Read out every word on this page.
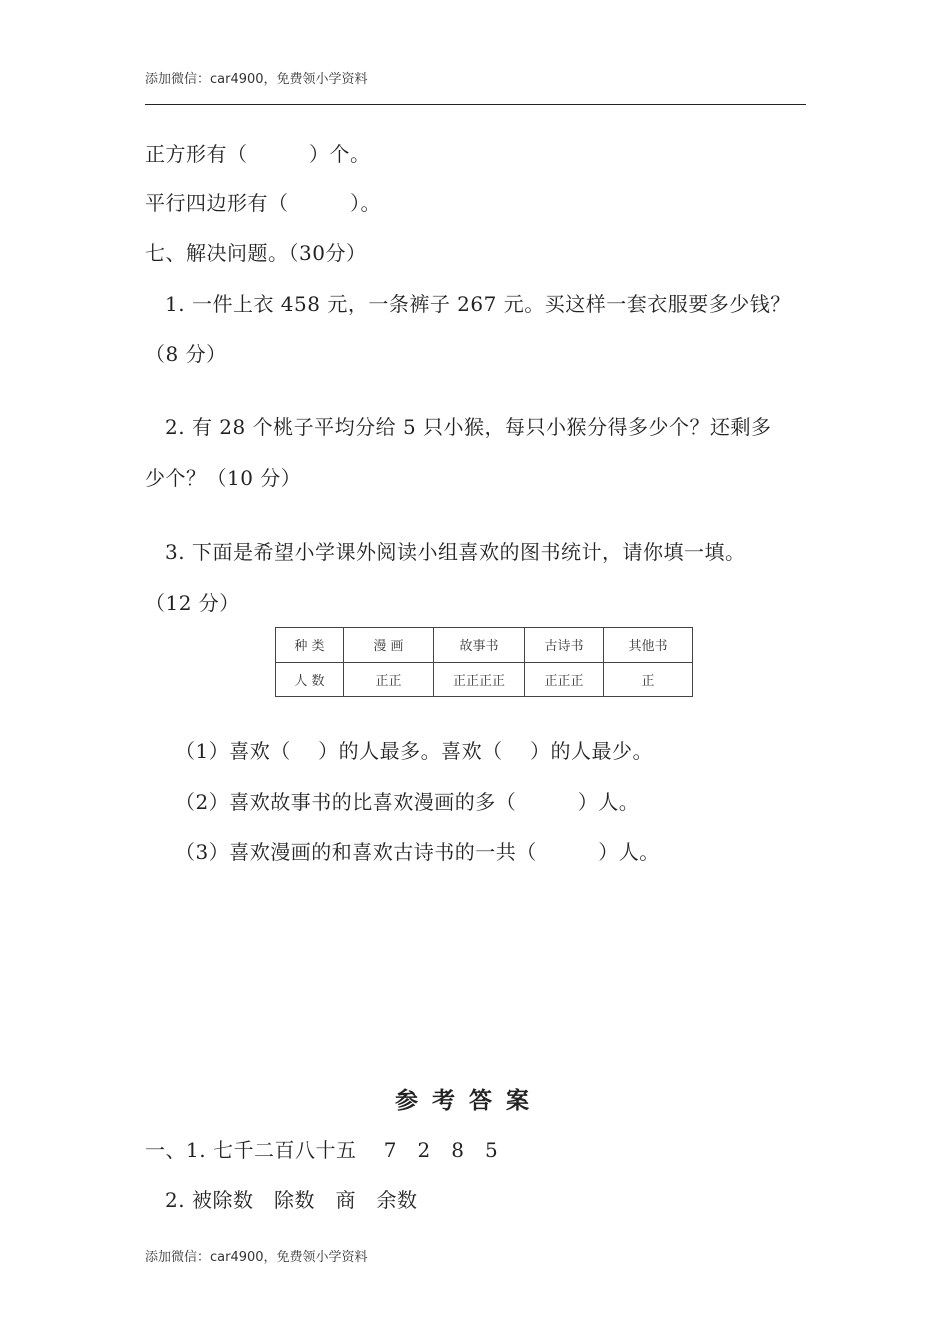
添加微信：car4900，免费领小学资料
正方形有（　　　）个。
平行四边形有（　　　）。
七、解决问题。（30分）
1. 一件上衣 458 元，一条裤子 267 元。买这样一套衣服要多少钱？
（8 分）
2. 有 28 个桃子平均分给 5 只小猴，每只小猴分得多少个？还剩多
少个？（10 分）
3. 下面是希望小学课外阅读小组喜欢的图书统计，请你填一填。
（12 分）
种 类	漫 画	故事书	古诗书	其他书
人 数	正正	正正正正	正正正	正
（1）喜欢（　 ）的人最多。喜欢（　 ）的人最少。
（2）喜欢故事书的比喜欢漫画的多（　　　）人。
（3）喜欢漫画的和喜欢古诗书的一共（　　　）人。
参考答案
一、1. 七千二百八十五　 7　2　8　5
2. 被除数　除数　商　余数
添加微信：car4900，免费领小学资料
